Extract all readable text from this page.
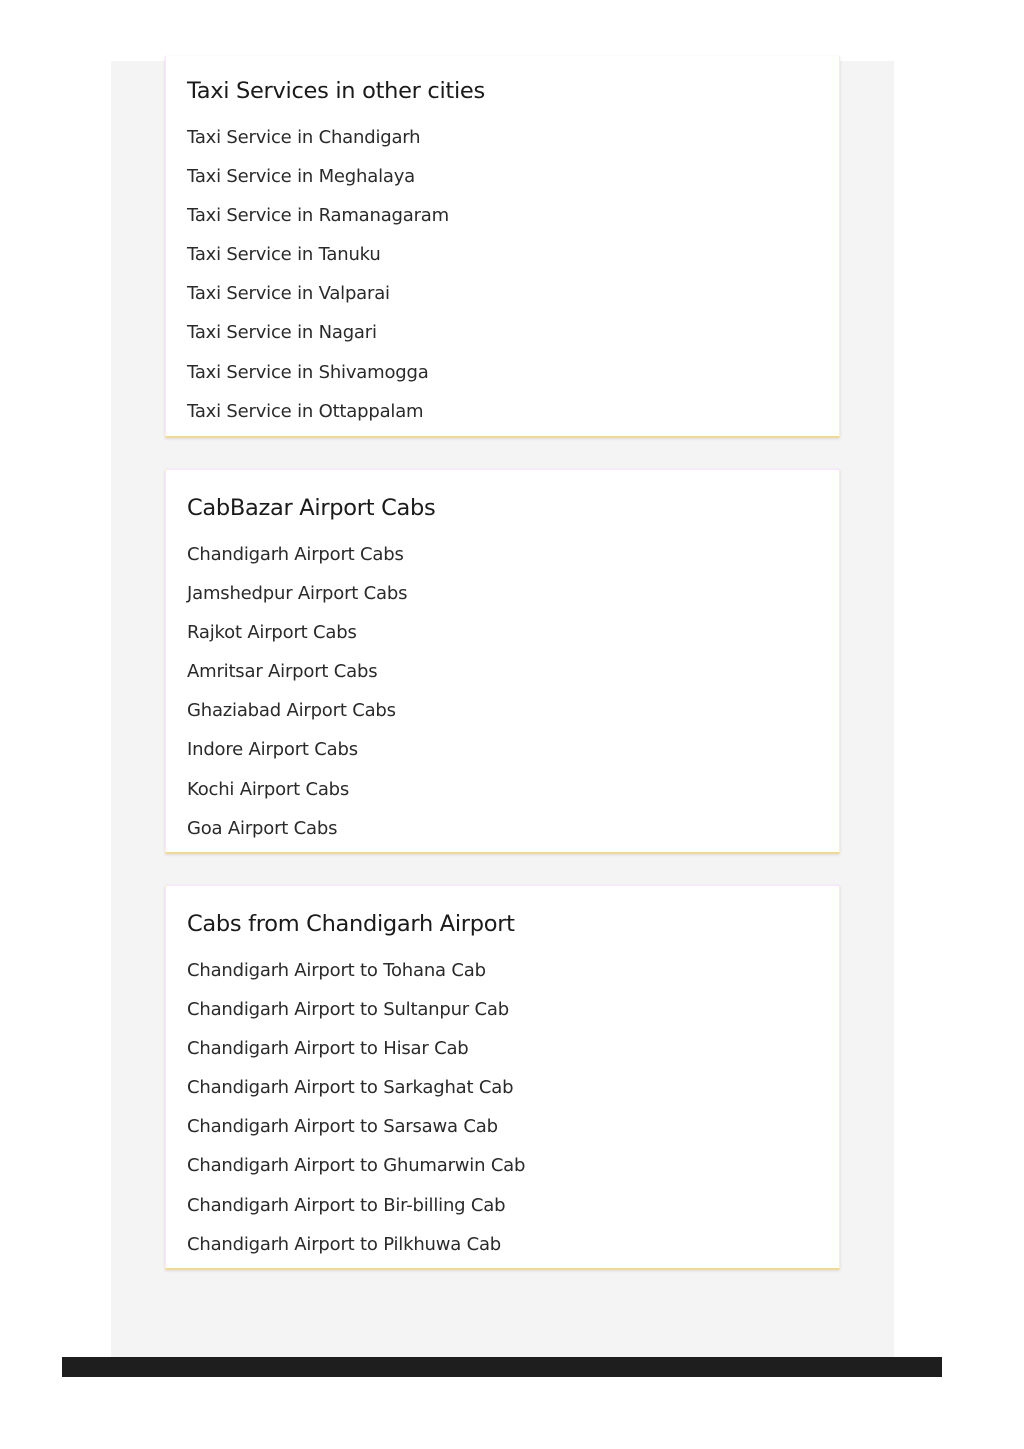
Taxi Services in other cities
Taxi Service in Chandigarh
Taxi Service in Meghalaya
Taxi Service in Ramanagaram
Taxi Service in Tanuku
Taxi Service in Valparai
Taxi Service in Nagari
Taxi Service in Shivamogga
Taxi Service in Ottappalam
CabBazar Airport Cabs
Chandigarh Airport Cabs
Jamshedpur Airport Cabs
Rajkot Airport Cabs
Amritsar Airport Cabs
Ghaziabad Airport Cabs
Indore Airport Cabs
Kochi Airport Cabs
Goa Airport Cabs
Cabs from Chandigarh Airport
Chandigarh Airport to Tohana Cab
Chandigarh Airport to Sultanpur Cab
Chandigarh Airport to Hisar Cab
Chandigarh Airport to Sarkaghat Cab
Chandigarh Airport to Sarsawa Cab
Chandigarh Airport to Ghumarwin Cab
Chandigarh Airport to Bir-billing Cab
Chandigarh Airport to Pilkhuwa Cab
